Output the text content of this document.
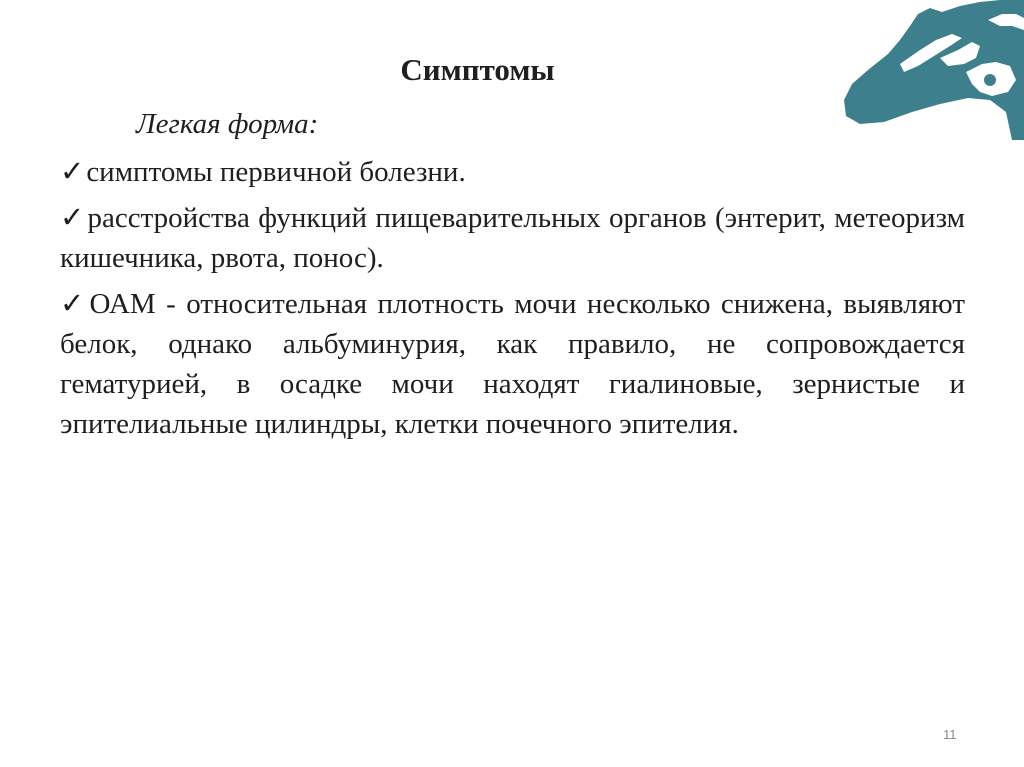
Симптомы
Легкая форма:
✓симптомы первичной болезни.
✓расстройства функций пищеварительных органов (энтерит, метеоризм кишечника, рвота, понос).
✓ОАМ - относительная плотность мочи несколько снижена, выявляют белок, однако альбуминурия, как правило, не сопровождается гематурией, в осадке мочи находят гиалиновые, зернистые и эпителиальные цилиндры, клетки почечного эпителия.
11
